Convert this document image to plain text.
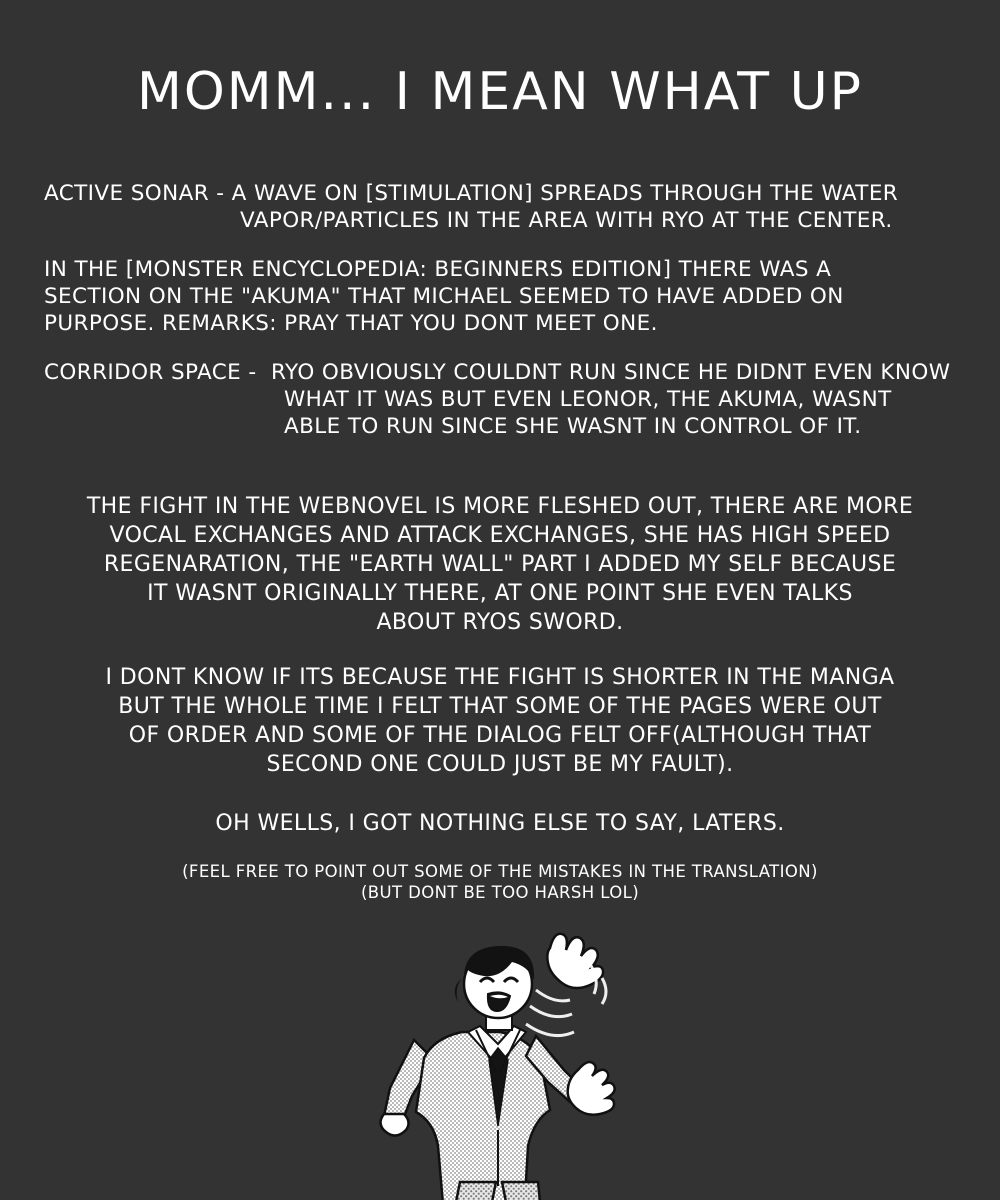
MOMM... I MEAN WHAT UP
ACTIVE SONAR - A WAVE ON [STIMULATION] SPREADS THROUGH THE WATER
VAPOR/PARTICLES IN THE AREA WITH RYO AT THE CENTER.
IN THE [MONSTER ENCYCLOPEDIA: BEGINNERS EDITION] THERE WAS A
SECTION ON THE "AKUMA" THAT MICHAEL SEEMED TO HAVE ADDED ON
PURPOSE. REMARKS: PRAY THAT YOU DONT MEET ONE.
CORRIDOR SPACE -  RYO OBVIOUSLY COULDNT RUN SINCE HE DIDNT EVEN KNOW
WHAT IT WAS BUT EVEN LEONOR, THE AKUMA, WASNT
ABLE TO RUN SINCE SHE WASNT IN CONTROL OF IT.
THE FIGHT IN THE WEBNOVEL IS MORE FLESHED OUT, THERE ARE MORE
VOCAL EXCHANGES AND ATTACK EXCHANGES, SHE HAS HIGH SPEED
REGENARATION, THE "EARTH WALL" PART I ADDED MY SELF BECAUSE
IT WASNT ORIGINALLY THERE, AT ONE POINT SHE EVEN TALKS
ABOUT RYOS SWORD.
I DONT KNOW IF ITS BECAUSE THE FIGHT IS SHORTER IN THE MANGA
BUT THE WHOLE TIME I FELT THAT SOME OF THE PAGES WERE OUT
OF ORDER AND SOME OF THE DIALOG FELT OFF(ALTHOUGH THAT
SECOND ONE COULD JUST BE MY FAULT).
OH WELLS, I GOT NOTHING ELSE TO SAY, LATERS.
(FEEL FREE TO POINT OUT SOME OF THE MISTAKES IN THE TRANSLATION)
(BUT DONT BE TOO HARSH LOL)
